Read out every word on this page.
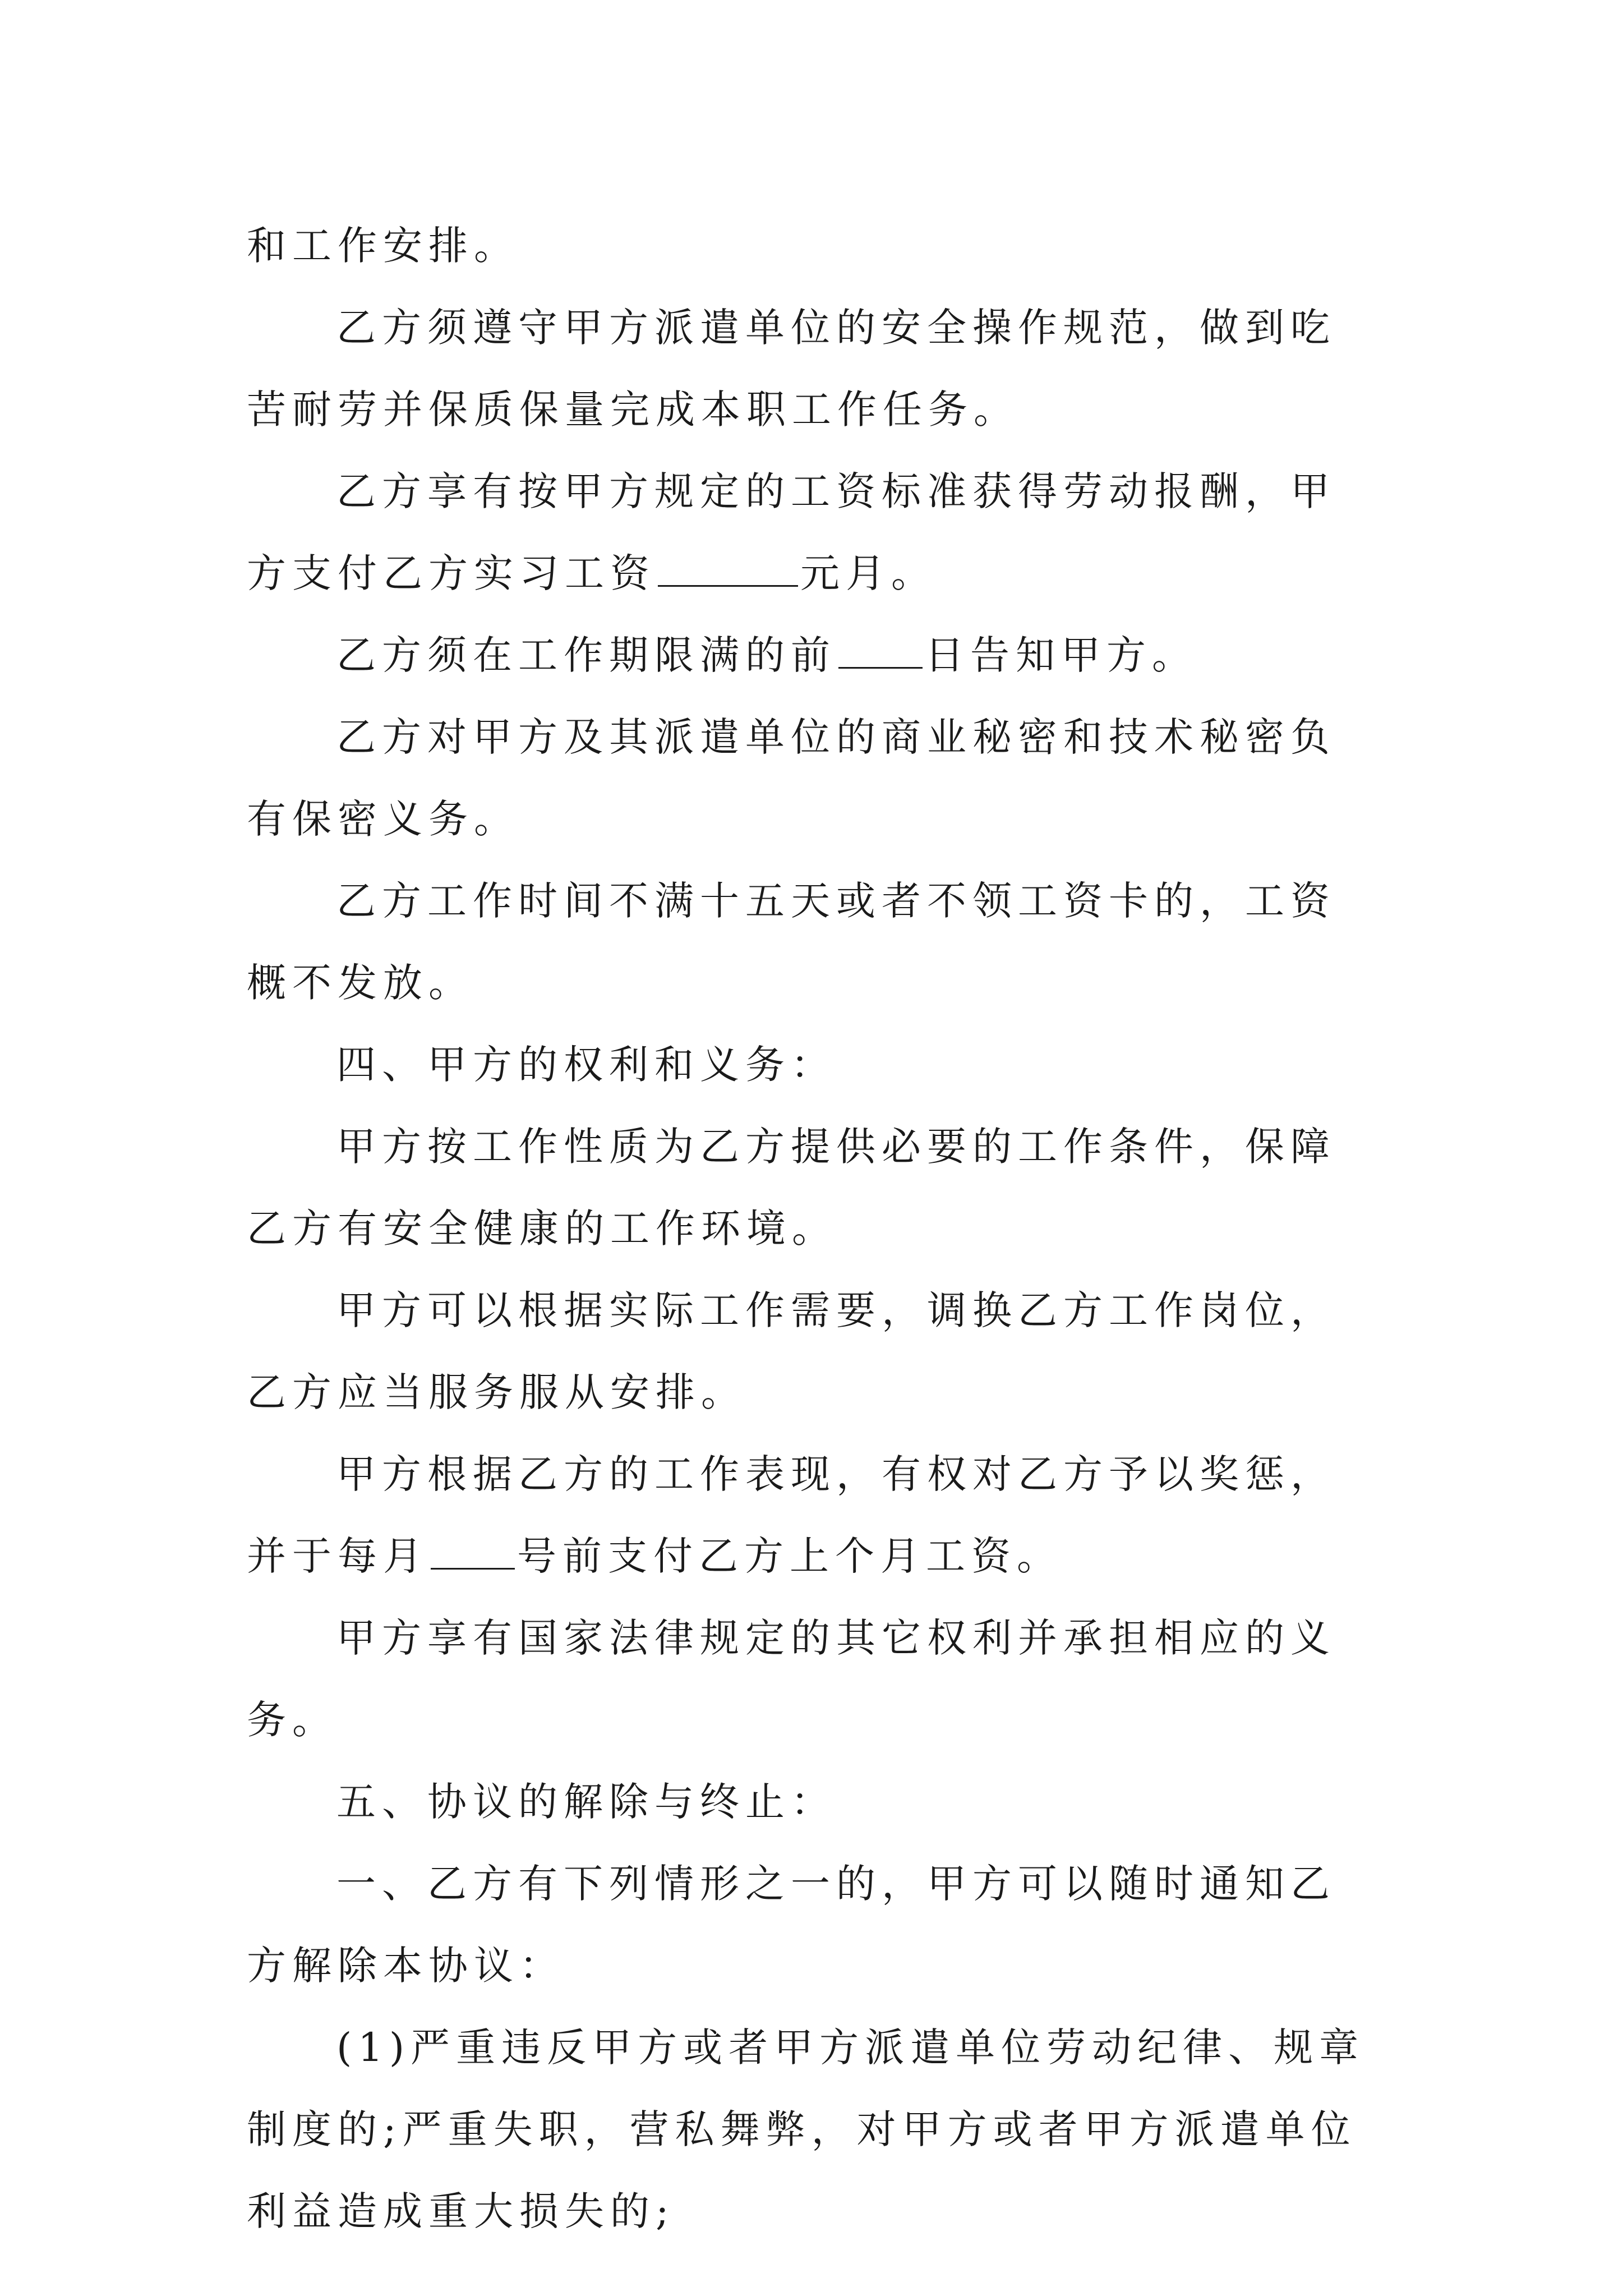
和工作安排。

乙方须遵守甲方派遣单位的安全操作规范，做到吃苦耐劳并保质保量完成本职工作任务。

乙方享有按甲方规定的工资标准获得劳动报酬，甲方支付乙方实习工资	元月。

乙方须在工作期限满的前 日告知甲方。

乙方对甲方及其派遣单位的商业秘密和技术秘密负有保密义务。

乙方工作时间不满十五天或者不领工资卡的，工资概不发放。

四、甲方的权利和义务：

甲方按工作性质为乙方提供必要的工作条件，保障乙方有安全健康的工作环境。

甲方可以根据实际工作需要，调换乙方工作岗位，乙方应当服务服从安排。

甲方根据乙方的工作表现，有权对乙方予以奖惩，并于每月 号前支付乙方上个月工资。

甲方享有国家法律规定的其它权利并承担相应的义务。

五、协议的解除与终止：

一、乙方有下列情形之一的，甲方可以随时通知乙方解除本协议：

(1)严重违反甲方或者甲方派遣单位劳动纪律、规章制度的;严重失职，营私舞弊，对甲方或者甲方派遣单位利益造成重大损失的;
